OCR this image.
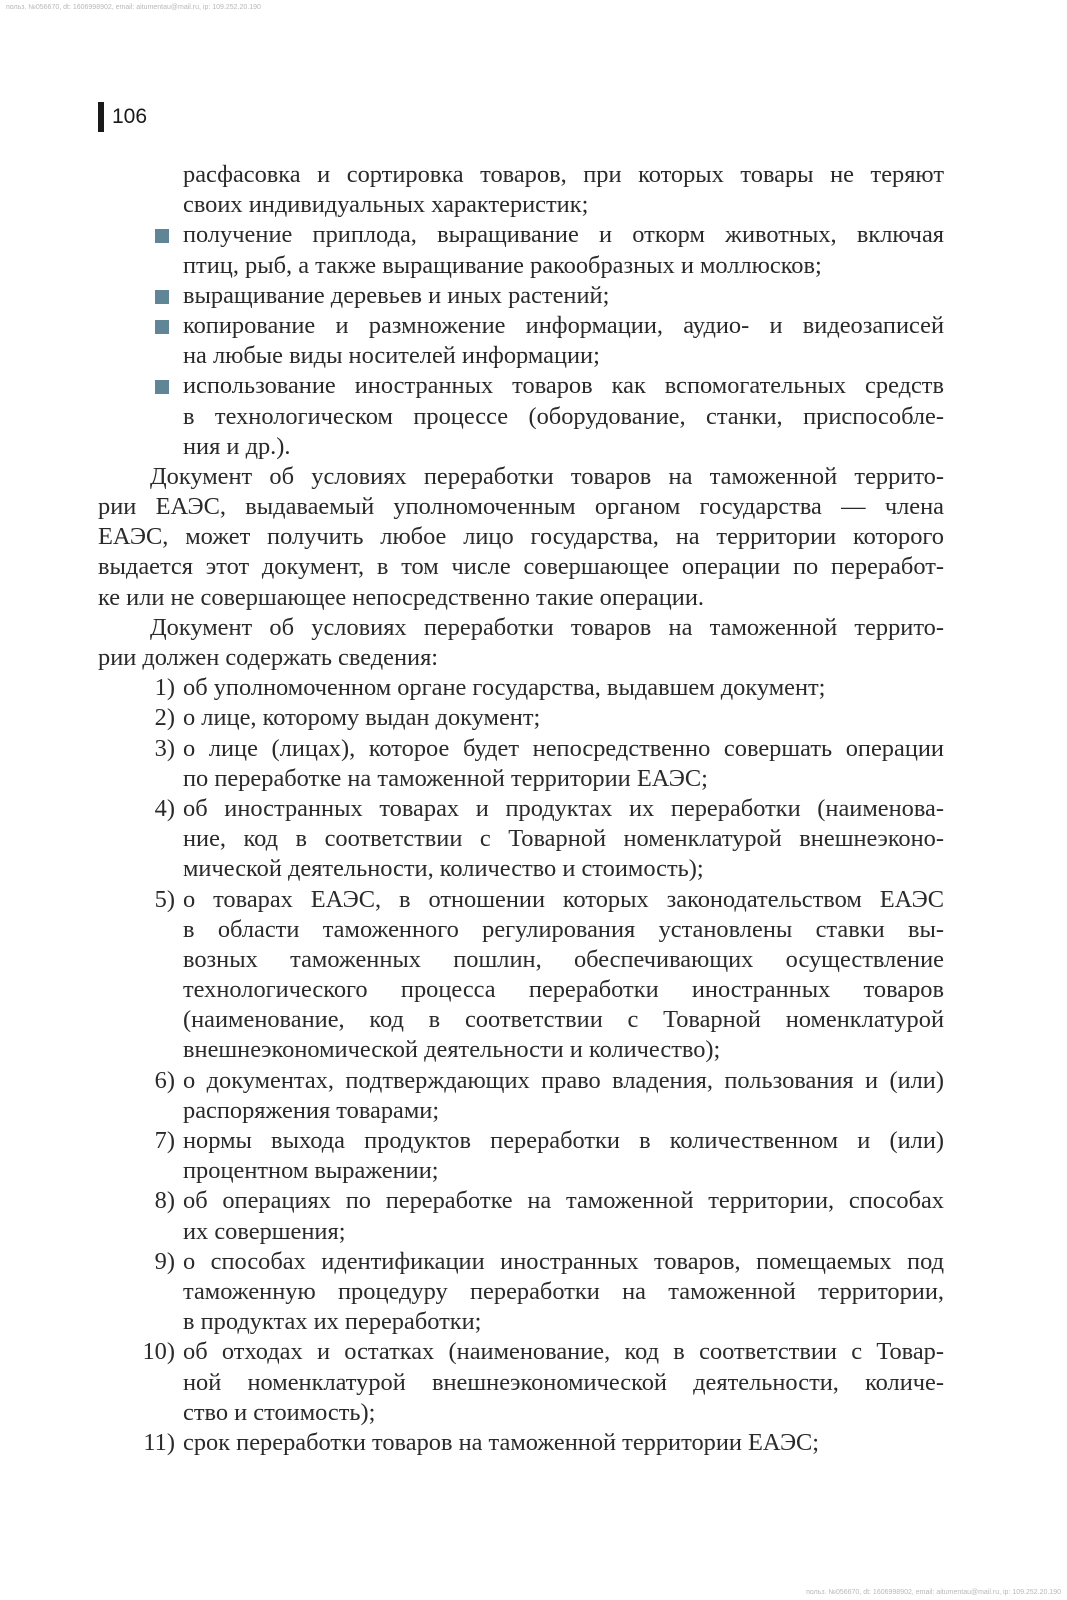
польз. №056670, dt: 1606998902, email: aitumentau@mail.ru, ip: 109.252.20.190
106
расфасовка и сортировка товаров, при которых товары не теряют
своих индивидуальных характеристик;
получение приплода, выращивание и откорм животных, включая
птиц, рыб, а также выращивание ракообразных и моллюсков;
выращивание деревьев и иных растений;
копирование и размножение информации, аудио- и видеозаписей
на любые виды носителей информации;
использование иностранных товаров как вспомогательных средств
в технологическом процессе (оборудование, станки, приспособле-
ния и др.).
Документ об условиях переработки товаров на таможенной террито-
рии ЕАЭС, выдаваемый уполномоченным органом государства — члена
ЕАЭС, может получить любое лицо государства, на территории которого
выдается этот документ, в том числе совершающее операции по переработ-
ке или не совершающее непосредственно такие операции.
Документ об условиях переработки товаров на таможенной террито-
рии должен содержать сведения:
1) об уполномоченном органе государства, выдавшем документ;
2) о лице, которому выдан документ;
3) о лице (лицах), которое будет непосредственно совершать операции
по переработке на таможенной территории ЕАЭС;
4) об иностранных товарах и продуктах их переработки (наименова-
ние, код в соответствии с Товарной номенклатурой внешнеэконо-
мической деятельности, количество и стоимость);
5) о товарах ЕАЭС, в отношении которых законодательством ЕАЭС
в области таможенного регулирования установлены ставки вы-
возных таможенных пошлин, обеспечивающих осуществление
технологического процесса переработки иностранных товаров
(наименование, код в соответствии с Товарной номенклатурой
внешнеэкономической деятельности и количество);
6) о документах, подтверждающих право владения, пользования и (или)
распоряжения товарами;
7) нормы выхода продуктов переработки в количественном и (или)
процентном выражении;
8) об операциях по переработке на таможенной территории, способах
их совершения;
9) о способах идентификации иностранных товаров, помещаемых под
таможенную процедуру переработки на таможенной территории,
в продуктах их переработки;
10) об отходах и остатках (наименование, код в соответствии с Товар-
ной номенклатурой внешнеэкономической деятельности, количе-
ство и стоимость);
11) срок переработки товаров на таможенной территории ЕАЭС;
польз. №056670, dt: 1606998902, email: aitumentau@mail.ru, ip: 109.252.20.190
